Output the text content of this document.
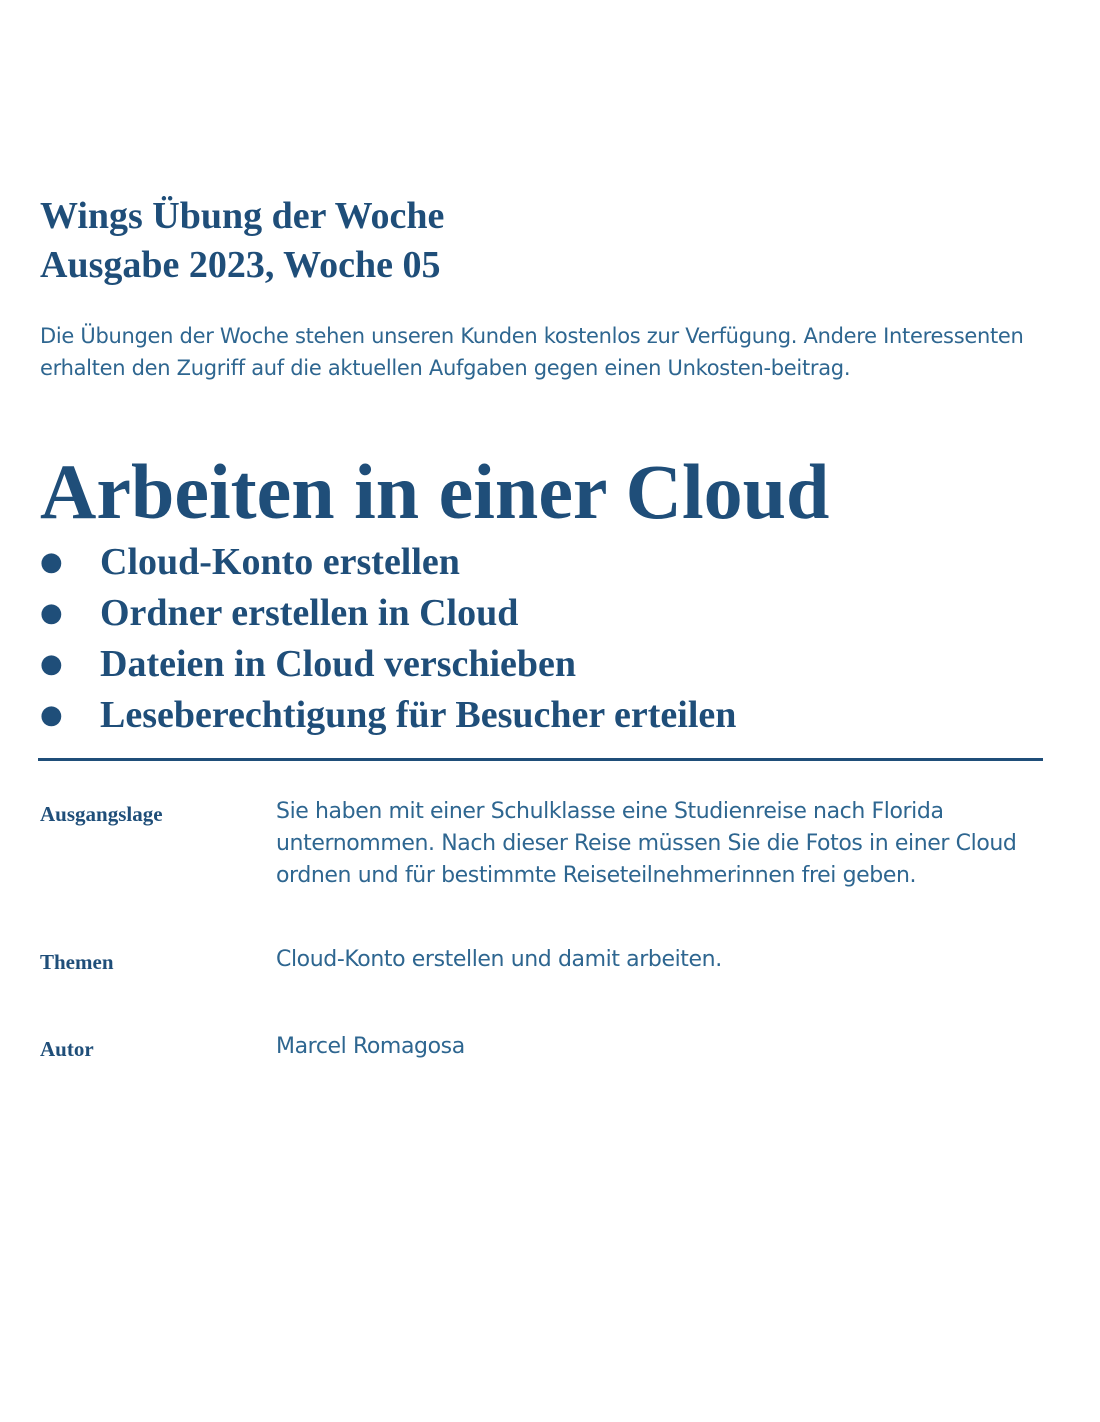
Wings Übung der Woche
Ausgabe 2023, Woche 05

Die Übungen der Woche stehen unseren Kunden kostenlos zur Verfügung. Andere Interessenten erhalten den Zugriff auf die aktuellen Aufgaben gegen einen Unkosten-beitrag.

Arbeiten in einer Cloud
● Cloud-Konto erstellen
● Ordner erstellen in Cloud
● Dateien in Cloud verschieben
● Leseberechtigung für Besucher erteilen
Ausgangslage	Sie haben mit einer Schulklasse eine Studienreise nach Florida unternommen. Nach dieser Reise müssen Sie die Fotos in einer Cloud ordnen und für bestimmte Reiseteilnehmerinnen frei geben.

Themen	Cloud-Konto erstellen und damit arbeiten.

Autor	Marcel Romagosa
